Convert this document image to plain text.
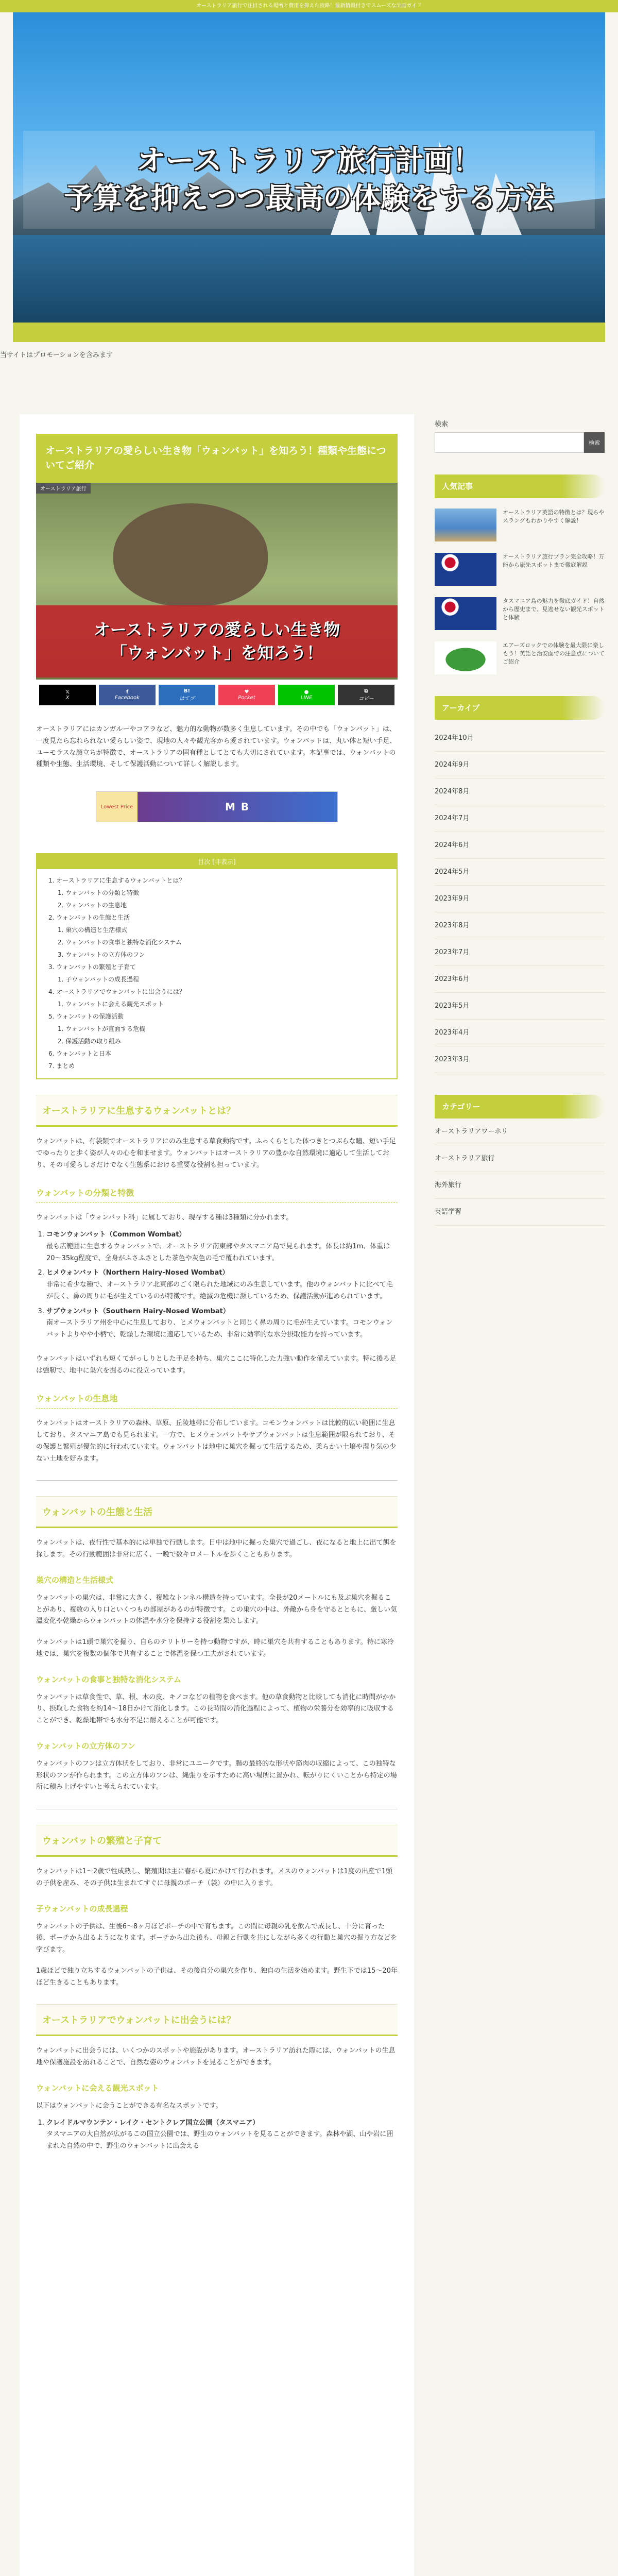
オーストラリア旅行で注目される場所と費用を抑えた旅路！最新情報付きでスムーズな計画ガイド
オーストラリア旅行計画！
予算を抑えつつ最高の体験をする方法
当サイトはプロモーションを含みます
オーストラリアの愛らしい生き物「ウォンバット」を知ろう！種類や生態についてご紹介
オーストラリア旅行
オーストラリアの愛らしい生き物
「ウォンバット」を知ろう！
𝕏
X
f
Facebook
B!
はてブ
♥
Pocket
●
LINE
⧉
コピー

オーストラリアにはカンガルーやコアラなど、魅力的な動物が数多く生息しています。その中でも「ウォンバット」は、一度見たら忘れられない愛らしい姿で、現地の人々や観光客から愛されています。ウォンバットは、丸い体と短い手足、ユーモラスな顔立ちが特徴で、オーストラリアの固有種としてとても大切にされています。本記事では、ウォンバットの種類や生態、生活環境、そして保護活動について詳しく解説します。

Lowest Price	M B
目次 [非表示]
1. オーストラリアに生息するウォンバットとは？
1. ウォンバットの分類と特徴
2. ウォンバットの生息地
2. ウォンバットの生態と生活
1. 巣穴の構造と生活様式
2. ウォンバットの食事と独特な消化システム
3. ウォンバットの立方体のフン
3. ウォンバットの繁殖と子育て
1. 子ウォンバットの成長過程
4. オーストラリアでウォンバットに出会うには？
1. ウォンバットに会える観光スポット
5. ウォンバットの保護活動
1. ウォンバットが直面する危機
2. 保護活動の取り組み
6. ウォンバットと日本
7. まとめ
オーストラリアに生息するウォンバットとは？

ウォンバットは、有袋類でオーストラリアにのみ生息する草食動物です。ふっくらとした体つきとつぶらな瞳、短い手足でゆったりと歩く姿が人々の心を和ませます。ウォンバットはオーストラリアの豊かな自然環境に適応して生活しており、その可愛らしさだけでなく生態系における重要な役割も担っています。

ウォンバットの分類と特徴

ウォンバットは「ウォンバット科」に属しており、現存する種は3種類に分かれます。

1. コモンウォンバット（Common Wombat）
最も広範囲に生息するウォンバットで、オーストラリア南東部やタスマニア島で見られます。体長は約1m、体重は20〜35kg程度で、全身がふさふさとした茶色や灰色の毛で覆われています。
2. ヒメウォンバット（Northern Hairy-Nosed Wombat）
非常に希少な種で、オーストラリア北東部のごく限られた地域にのみ生息しています。他のウォンバットに比べて毛が長く、鼻の周りに毛が生えているのが特徴です。絶滅の危機に瀕しているため、保護活動が進められています。
3. サブウォンバット（Southern Hairy-Nosed Wombat）
南オーストラリア州を中心に生息しており、ヒメウォンバットと同じく鼻の周りに毛が生えています。コモンウォンバットよりやや小柄で、乾燥した環境に適応しているため、非常に効率的な水分摂取能力を持っています。

ウォンバットはいずれも短くてがっしりとした手足を持ち、巣穴ここに特化した力強い動作を備えています。特に後ろ足は強靭で、地中に巣穴を掘るのに役立っています。

ウォンバットの生息地

ウォンバットはオーストラリアの森林、草原、丘陵地帯に分布しています。コモンウォンバットは比較的広い範囲に生息しており、タスマニア島でも見られます。一方で、ヒメウォンバットやサブウォンバットは生息範囲が限られており、その保護と繁殖が優先的に行われています。ウォンバットは地中に巣穴を掘って生活するため、柔らかい土壌や湿り気の少ない土地を好みます。

ウォンバットの生態と生活

ウォンバットは、夜行性で基本的には単独で行動します。日中は地中に掘った巣穴で過ごし、夜になると地上に出て餌を探します。その行動範囲は非常に広く、一晩で数キロメートルを歩くこともあります。

巣穴の構造と生活様式

ウォンバットの巣穴は、非常に大きく、複雑なトンネル構造を持っています。全長が20メートルにも及ぶ巣穴を掘ることがあり、複数の入り口といくつもの部屋があるのが特徴です。この巣穴の中は、外敵から身を守るとともに、厳しい気温変化や乾燥からウォンバットの体温や水分を保持する役割を果たします。

ウォンバットは1頭で巣穴を掘り、自らのテリトリーを持つ動物ですが、時に巣穴を共有することもあります。特に寒冷地では、巣穴を複数の個体で共有することで体温を保つ工夫がされています。

ウォンバットの食事と独特な消化システム

ウォンバットは草食性で、草、根、木の皮、キノコなどの植物を食べます。他の草食動物と比較しても消化に時間がかかり、摂取した食物を約14〜18日かけて消化します。この長時間の消化過程によって、植物の栄養分を効率的に吸収することができ、乾燥地帯でも水分不足に耐えることが可能です。

ウォンバットの立方体のフン

ウォンバットのフンは立方体状をしており、非常にユニークです。腸の最終的な形状や筋肉の収縮によって、この独特な形状のフンが作られます。この立方体のフンは、縄張りを示すために高い場所に置かれ、転がりにくいことから特定の場所に積み上げやすいと考えられています。

ウォンバットの繁殖と子育て

ウォンバットは1〜2歳で性成熟し、繁殖期は主に春から夏にかけて行われます。メスのウォンバットは1度の出産で1頭の子供を産み、その子供は生まれてすぐに母親のポーチ（袋）の中に入ります。

子ウォンバットの成長過程

ウォンバットの子供は、生後6〜8ヶ月ほどポーチの中で育ちます。この間に母親の乳を飲んで成長し、十分に育った後、ポーチから出るようになります。ポーチから出た後も、母親と行動を共にしながら多くの行動と巣穴の掘り方などを学びます。

1歳ほどで独り立ちするウォンバットの子供は、その後自分の巣穴を作り、独自の生活を始めます。野生下では15〜20年ほど生きることもあります。

オーストラリアでウォンバットに出会うには？

ウォンバットに出会うには、いくつかのスポットや施設があります。オーストラリア訪れた際には、ウォンバットの生息地や保護施設を訪れることで、自然な姿のウォンバットを見ることができます。

ウォンバットに会える観光スポット

以下はウォンバットに会うことができる有名なスポットです。

1. クレイドルマウンテン・レイク・セントクレア国立公園（タスマニア）
タスマニアの大自然が広がるこの国立公園では、野生のウォンバットを見ることができます。森林や湖、山や岩に囲まれた自然の中で、野生のウォンバットに出会える
検索
検索
人気記事
オーストラリア英語の特徴とは？現ちやスラングもわかりやすく解説！
オーストラリア旅行プラン完全攻略！万能から旅先スポットまで徹底解説
タスマニア島の魅力を徹底ガイド！自然から歴史まで、見逃せない観光スポットと体験
エアーズロックでの体験を最大限に楽しもう！英語と治安面での注意点についてご紹介
アーカイブ
2024年10月
2024年9月
2024年8月
2024年7月
2024年6月
2024年5月
2023年9月
2023年8月
2023年7月
2023年6月
2023年5月
2023年4月
2023年3月
カテゴリー
オーストラリアワーホリ
オーストラリア旅行
海外旅行
英語学習
